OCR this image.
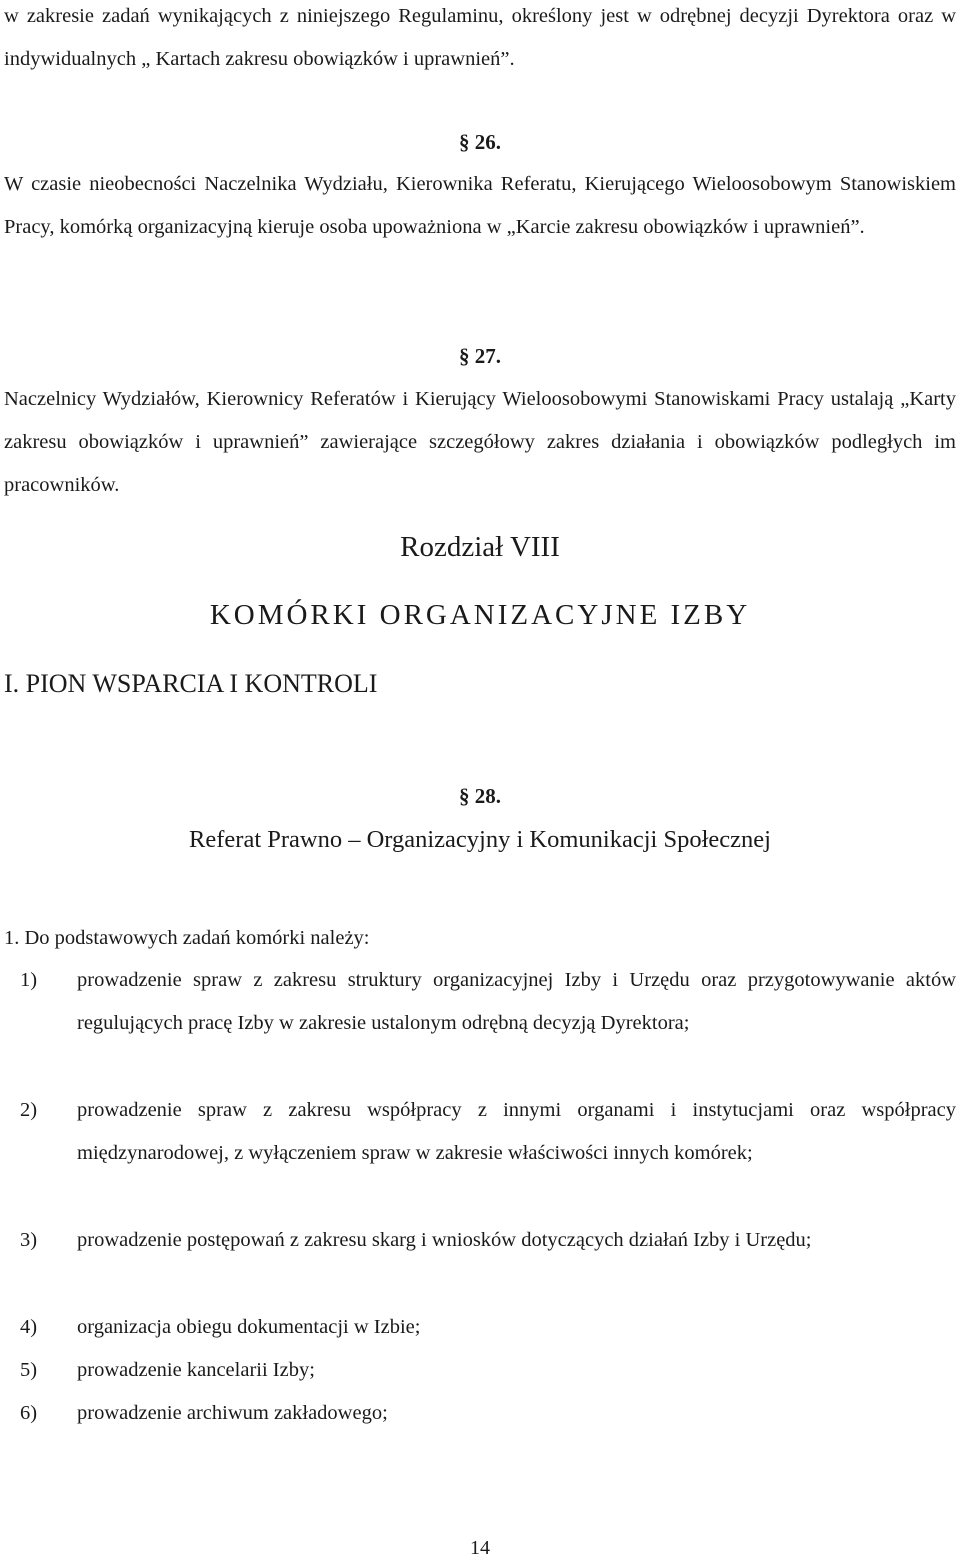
w zakresie zadań wynikających z niniejszego Regulaminu, określony jest w odrębnej decyzji Dyrektora oraz w indywidualnych „ Kartach zakresu obowiązków i uprawnień”.

§ 26.

W czasie nieobecności Naczelnika Wydziału, Kierownika Referatu, Kierującego Wieloosobowym Stanowiskiem Pracy, komórką organizacyjną kieruje osoba upoważniona w „Karcie zakresu obowiązków i uprawnień”.

§ 27.

Naczelnicy Wydziałów, Kierownicy Referatów i Kierujący Wieloosobowymi Stanowiskami Pracy ustalają „Karty zakresu obowiązków i uprawnień” zawierające szczegółowy zakres działania i obowiązków podległych im pracowników.

Rozdział VIII

KOMÓRKI ORGANIZACYJNE IZBY

I. PION WSPARCIA I KONTROLI

§ 28.

Referat Prawno – Organizacyjny i Komunikacji Społecznej

1. Do podstawowych zadań komórki należy:

1) prowadzenie spraw z zakresu struktury organizacyjnej Izby i Urzędu oraz przygotowywanie aktów regulujących pracę Izby w zakresie ustalonym odrębną decyzją Dyrektora;
2) prowadzenie spraw z zakresu współpracy z innymi organami i instytucjami oraz współpracy międzynarodowej, z wyłączeniem spraw w zakresie właściwości innych komórek;
3) prowadzenie postępowań z zakresu skarg i wniosków dotyczących działań Izby i Urzędu;
4) organizacja obiegu dokumentacji w Izbie;
5) prowadzenie kancelarii Izby;
6) prowadzenie archiwum zakładowego;

14
